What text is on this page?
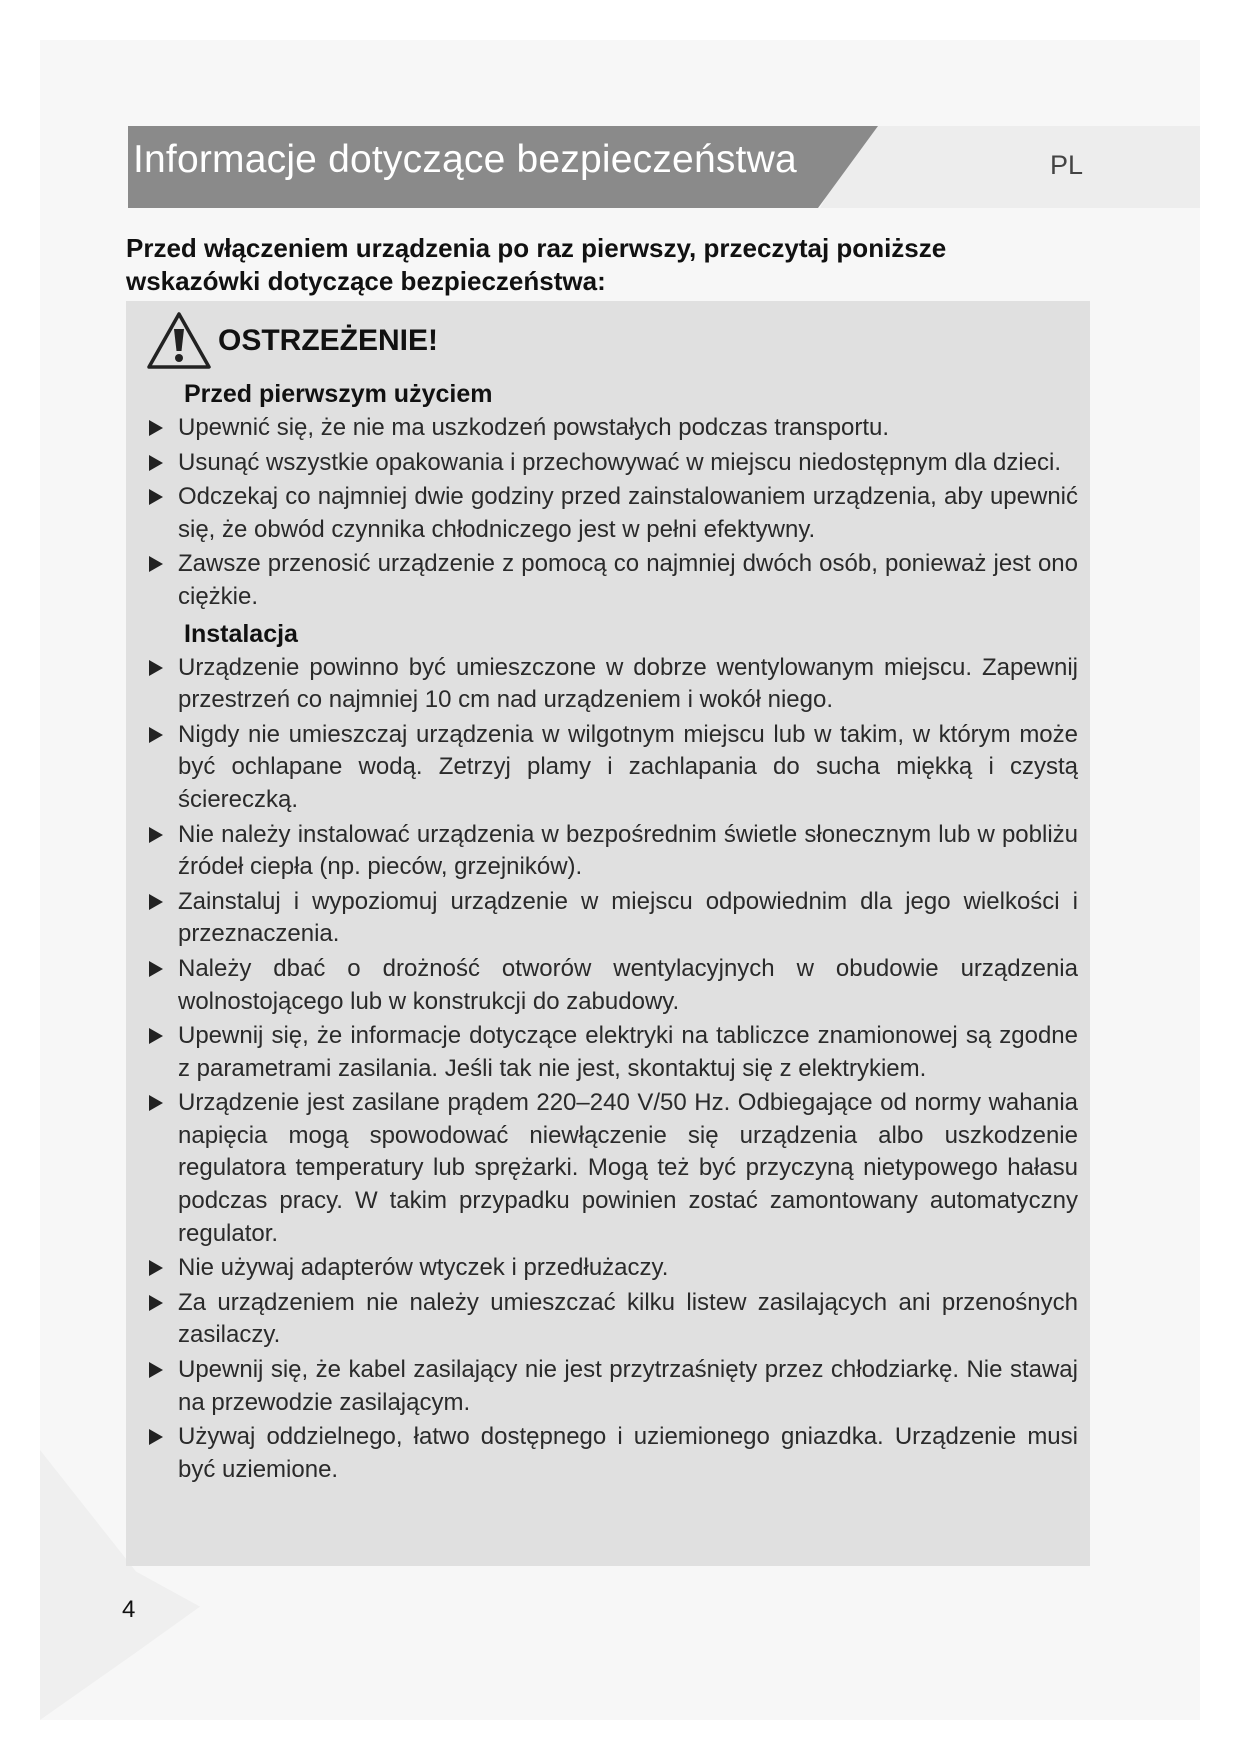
Informacje dotyczące bezpieczeństwa	PL

Przed włączeniem urządzenia po raz pierwszy, przeczytaj poniższe wskazówki dotyczące bezpieczeństwa:

OSTRZEŻENIE!
Przed pierwszym użyciem
Upewnić się, że nie ma uszkodzeń powstałych podczas transportu.
Usunąć wszystkie opakowania i przechowywać w miejscu niedostępnym dla dzieci.
Odczekaj co najmniej dwie godziny przed zainstalowaniem urządzenia, aby upewnić się, że obwód czynnika chłodniczego jest w pełni efektywny.
Zawsze przenosić urządzenie z pomocą co najmniej dwóch osób, ponieważ jest ono ciężkie.
Instalacja
Urządzenie powinno być umieszczone w dobrze wentylowanym miejscu. Zapewnij przestrzeń co najmniej 10 cm nad urządzeniem i wokół niego.
Nigdy nie umieszczaj urządzenia w wilgotnym miejscu lub w takim, w którym może być ochlapane wodą. Zetrzyj plamy i zachlapania do sucha miękką i czystą ściereczką.
Nie należy instalować urządzenia w bezpośrednim świetle słonecznym lub w pobliżu źródeł ciepła (np. pieców, grzejników).
Zainstaluj i wypoziomuj urządzenie w miejscu odpowiednim dla jego wielkości i przeznaczenia.
Należy dbać o drożność otworów wentylacyjnych w obudowie urządzenia wolnostojącego lub w konstrukcji do zabudowy.
Upewnij się, że informacje dotyczące elektryki na tabliczce znamionowej są zgodne z parametrami zasilania. Jeśli tak nie jest, skontaktuj się z elektrykiem.
Urządzenie jest zasilane prądem 220–240 V/50 Hz. Odbiegające od normy wahania napięcia mogą spowodować niewłączenie się urządzenia albo uszkodzenie regulatora temperatury lub sprężarki. Mogą też być przyczyną nietypowego hałasu podczas pracy. W takim przypadku powinien zostać zamontowany automatyczny regulator.
Nie używaj adapterów wtyczek i przedłużaczy.
Za urządzeniem nie należy umieszczać kilku listew zasilających ani przenośnych zasilaczy.
Upewnij się, że kabel zasilający nie jest przytrzaśnięty przez chłodziarkę. Nie stawaj na przewodzie zasilającym.
Używaj oddzielnego, łatwo dostępnego i uziemionego gniazdka. Urządzenie musi być uziemione.
4
